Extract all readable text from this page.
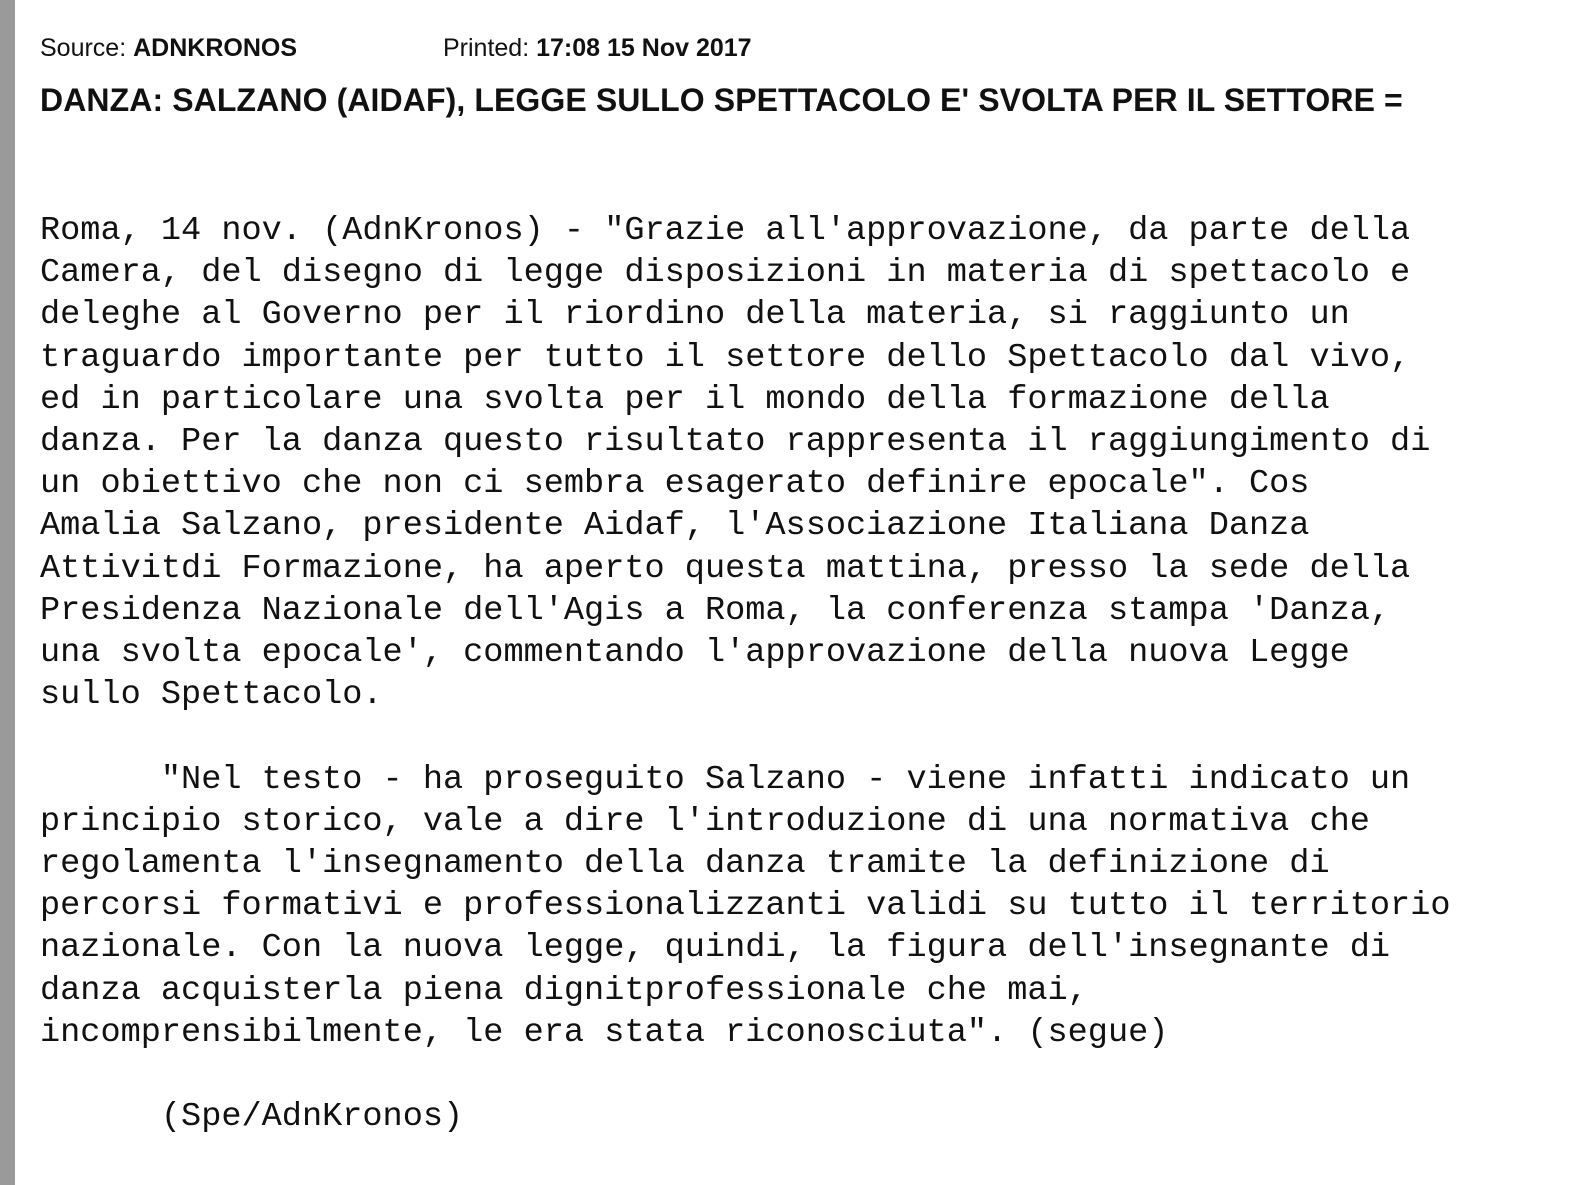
Source: ADNKRONOS	Printed: 17:08 15 Nov 2017
DANZA: SALZANO (AIDAF), LEGGE SULLO SPETTACOLO E' SVOLTA PER IL SETTORE =
Roma, 14 nov. (AdnKronos) - "Grazie all'approvazione, da parte della
Camera, del disegno di legge disposizioni in materia di spettacolo e
deleghe al Governo per il riordino della materia, si raggiunto un
traguardo importante per tutto il settore dello Spettacolo dal vivo,
ed in particolare una svolta per il mondo della formazione della
danza. Per la danza questo risultato rappresenta il raggiungimento di
un obiettivo che non ci sembra esagerato definire epocale". Cos
Amalia Salzano, presidente Aidaf, l'Associazione Italiana Danza
Attivitdi Formazione, ha aperto questa mattina, presso la sede della
Presidenza Nazionale dell'Agis a Roma, la conferenza stampa 'Danza,
una svolta epocale', commentando l'approvazione della nuova Legge
sullo Spettacolo.
"Nel testo - ha proseguito Salzano - viene infatti indicato un
principio storico, vale a dire l'introduzione di una normativa che
regolamenta l'insegnamento della danza tramite la definizione di
percorsi formativi e professionalizzanti validi su tutto il territorio
nazionale. Con la nuova legge, quindi, la figura dell'insegnante di
danza acquisterla piena dignitprofessionale che mai,
incomprensibilmente, le era stata riconosciuta". (segue)
(Spe/AdnKronos)
